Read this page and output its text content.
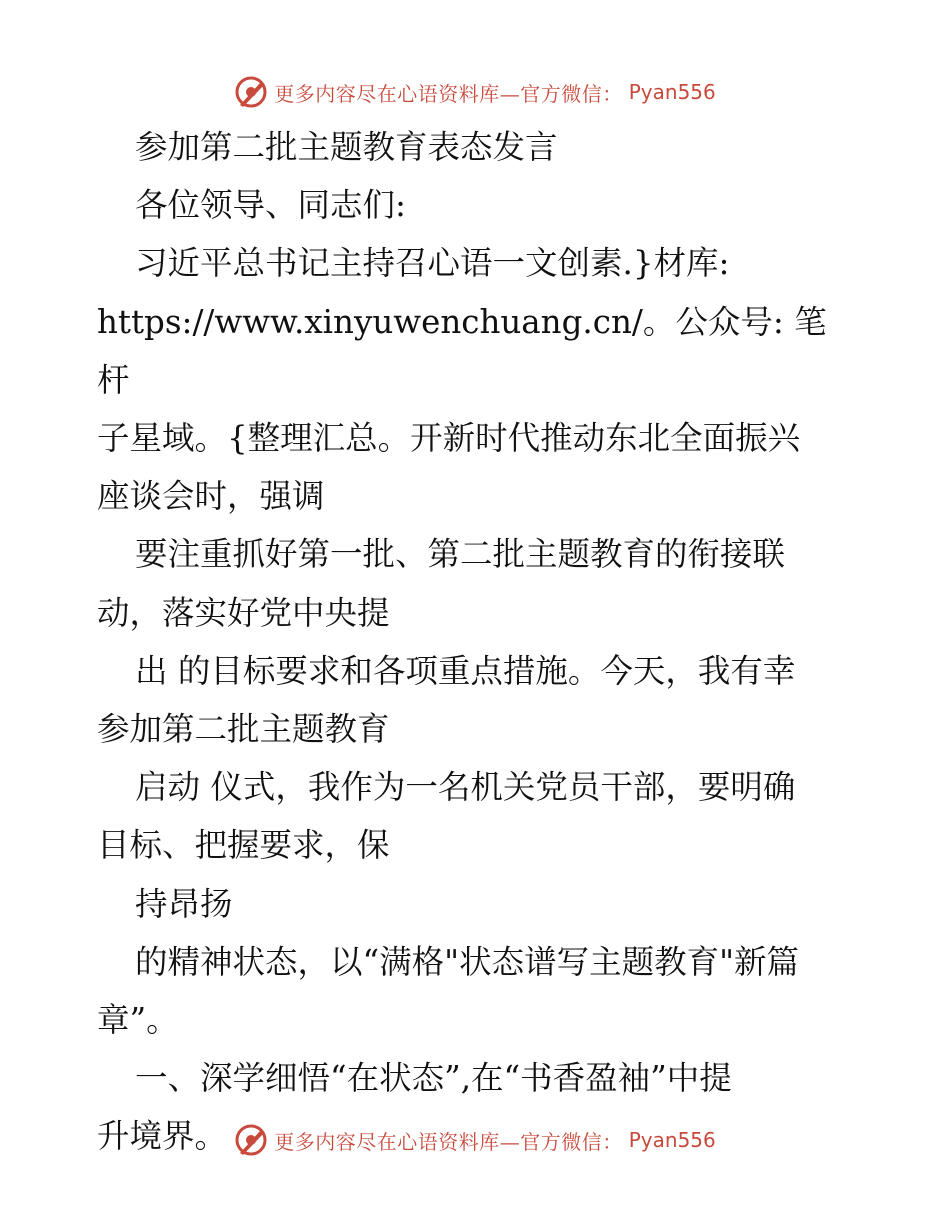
更多内容尽在心语资料库—官方微信： Pyan556

参加第二批主题教育表态发言

各位领导、同志们:

习近平总书记主持召心语一文创素.}材库:

https://www.xinyuwenchuang.cn/。公众号: 笔杆

子星域。{整理汇总。开新时代推动东北全面振兴

座谈会时，强调

要注重抓好第一批、第二批主题教育的衔接联

动，落实好党中央提

出 的目标要求和各项重点措施。今天，我有幸

参加第二批主题教育

启动 仪式，我作为一名机关党员干部，要明确

目标、把握要求，保

持昂扬

的精神状态，以“满格"状态谱写主题教育"新篇

章”。

一、深学细悟“在状态”,在“书香盈袖”中提

升境界。	更多内容尽在心语资料库—官方微信： Pyan556
